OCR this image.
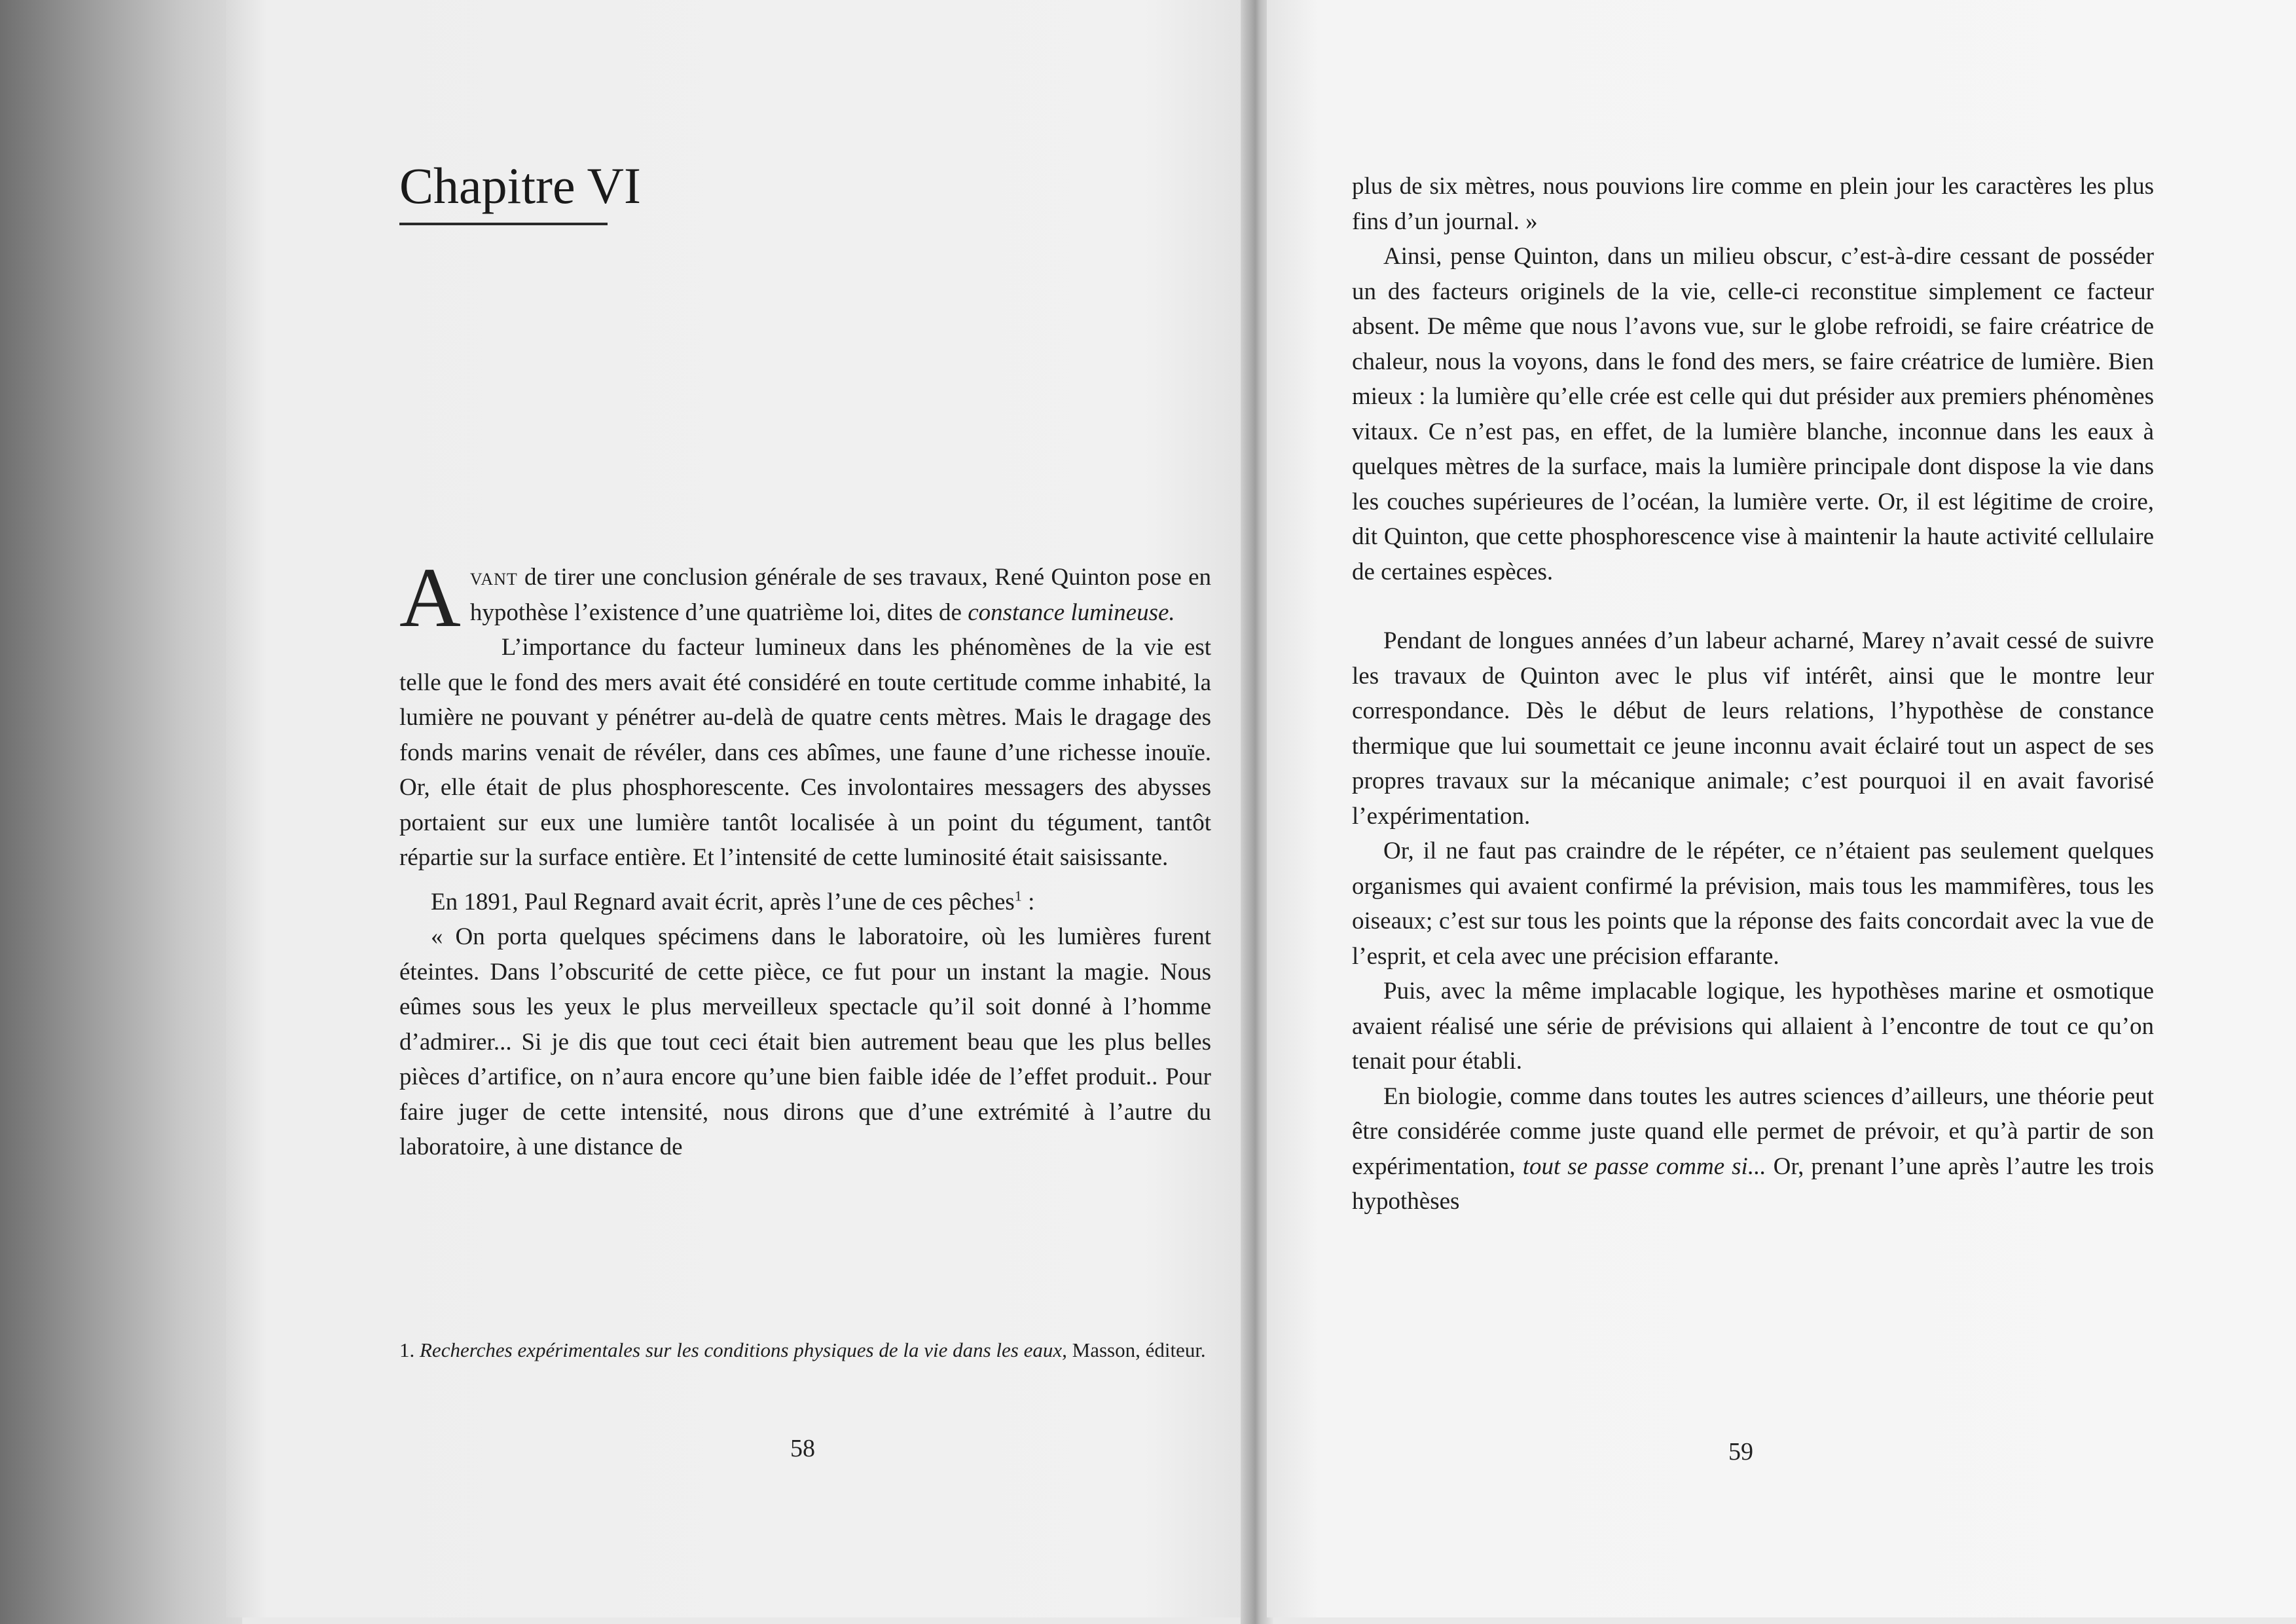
Chapitre VI

Avant de tirer une conclusion générale de ses travaux, René Quinton pose en hypothèse l’existence d’une quatrième loi, dites de constance lumineuse.

L’importance du facteur lumineux dans les phénomènes de la vie est telle que le fond des mers avait été considéré en toute certitude comme inhabité, la lumière ne pouvant y pénétrer au-delà de quatre cents mètres. Mais le dragage des fonds marins venait de révéler, dans ces abîmes, une faune d’une richesse inouïe. Or, elle était de plus phosphorescente. Ces involontaires messagers des abysses portaient sur eux une lumière tantôt localisée à un point du tégument, tantôt répartie sur la surface entière. Et l’intensité de cette luminosité était saisissante.

En 1891, Paul Regnard avait écrit, après l’une de ces pêches$^1$ :

« On porta quelques spécimens dans le laboratoire, où les lumières furent éteintes. Dans l’obscurité de cette pièce, ce fut pour un instant la magie. Nous eûmes sous les yeux le plus merveilleux spectacle qu’il soit donné à l’homme d’admirer... Si je dis que tout ceci était bien autrement beau que les plus belles pièces d’artifice, on n’aura encore qu’une bien faible idée de l’effet produit.. Pour faire juger de cette intensité, nous dirons que d’une extrémité à l’autre du laboratoire, à une distance de

1. Recherches expérimentales sur les conditions physiques de la vie dans les eaux, Masson, éditeur.
58

plus de six mètres, nous pouvions lire comme en plein jour les caractères les plus fins d’un journal. »

Ainsi, pense Quinton, dans un milieu obscur, c’est-à-dire cessant de posséder un des facteurs originels de la vie, celle-ci reconstitue simplement ce facteur absent. De même que nous l’avons vue, sur le globe refroidi, se faire créatrice de chaleur, nous la voyons, dans le fond des mers, se faire créatrice de lumière. Bien mieux : la lumière qu’elle crée est celle qui dut présider aux premiers phénomènes vitaux. Ce n’est pas, en effet, de la lumière blanche, inconnue dans les eaux à quelques mètres de la surface, mais la lumière principale dont dispose la vie dans les couches supérieures de l’océan, la lumière verte. Or, il est légitime de croire, dit Quinton, que cette phosphorescence vise à maintenir la haute activité cellulaire de certaines espèces.

Pendant de longues années d’un labeur acharné, Marey n’avait cessé de suivre les travaux de Quinton avec le plus vif intérêt, ainsi que le montre leur correspondance. Dès le début de leurs relations, l’hypothèse de constance thermique que lui soumettait ce jeune inconnu avait éclairé tout un aspect de ses propres travaux sur la mécanique animale; c’est pourquoi il en avait favorisé l’expérimentation.

Or, il ne faut pas craindre de le répéter, ce n’étaient pas seulement quelques organismes qui avaient confirmé la prévision, mais tous les mammifères, tous les oiseaux; c’est sur tous les points que la réponse des faits concordait avec la vue de l’esprit, et cela avec une précision effarante.

Puis, avec la même implacable logique, les hypothèses marine et osmotique avaient réalisé une série de prévisions qui allaient à l’encontre de tout ce qu’on tenait pour établi.

En biologie, comme dans toutes les autres sciences d’ailleurs, une théorie peut être considérée comme juste quand elle permet de prévoir, et qu’à partir de son expérimentation, tout se passe comme si... Or, prenant l’une après l’autre les trois hypothèses

59
